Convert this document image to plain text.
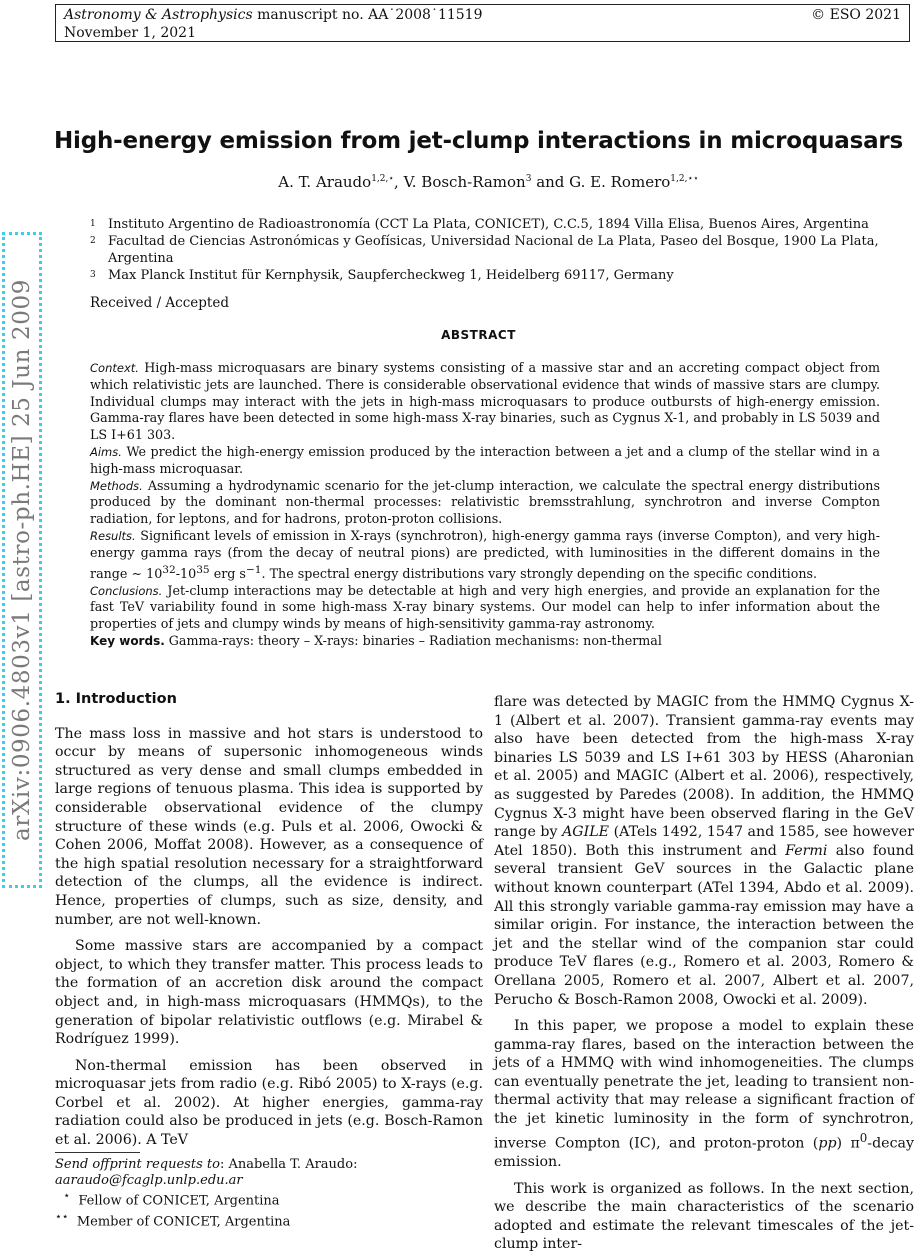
Astronomy & Astrophysics manuscript no. AA˙2008˙11519
November 1, 2021
© ESO 2021
arXiv:0906.4803v1 [astro-ph.HE] 25 Jun 2009
High-energy emission from jet-clump interactions in microquasars
A. T. Araudo$^{1,2,⋆}$, V. Bosch-Ramon$^3$ and G. E. Romero$^{1,2,⋆⋆}$
1 Instituto Argentino de Radioastronomía (CCT La Plata, CONICET), C.C.5, 1894 Villa Elisa, Buenos Aires, Argentina
2 Facultad de Ciencias Astronómicas y Geofísicas, Universidad Nacional de La Plata, Paseo del Bosque, 1900 La Plata, Argentina
3 Max Planck Institut für Kernphysik, Saupfercheckweg 1, Heidelberg 69117, Germany
Received / Accepted
ABSTRACT

Context. High-mass microquasars are binary systems consisting of a massive star and an accreting compact object from which relativistic jets are launched. There is considerable observational evidence that winds of massive stars are clumpy. Individual clumps may interact with the jets in high-mass microquasars to produce outbursts of high-energy emission. Gamma-ray flares have been detected in some high-mass X-ray binaries, such as Cygnus X-1, and probably in LS 5039 and LS I+61 303.

Aims. We predict the high-energy emission produced by the interaction between a jet and a clump of the stellar wind in a high-mass microquasar.

Methods. Assuming a hydrodynamic scenario for the jet-clump interaction, we calculate the spectral energy distributions produced by the dominant non-thermal processes: relativistic bremsstrahlung, synchrotron and inverse Compton radiation, for leptons, and for hadrons, proton-proton collisions.

Results. Significant levels of emission in X-rays (synchrotron), high-energy gamma rays (inverse Compton), and very high-energy gamma rays (from the decay of neutral pions) are predicted, with luminosities in the different domains in the range ∼ $10^{32}-10^{35}$ erg $s^{-1}$. The spectral energy distributions vary strongly depending on the specific conditions.

Conclusions. Jet-clump interactions may be detectable at high and very high energies, and provide an explanation for the fast TeV variability found in some high-mass X-ray binary systems. Our model can help to infer information about the properties of jets and clumpy winds by means of high-sensitivity gamma-ray astronomy.

Key words. Gamma-rays: theory – X-rays: binaries – Radiation mechanisms: non-thermal

1. Introduction

The mass loss in massive and hot stars is understood to occur by means of supersonic inhomogeneous winds structured as very dense and small clumps embedded in large regions of tenuous plasma. This idea is supported by considerable observational evidence of the clumpy structure of these winds (e.g. Puls et al. 2006, Owocki & Cohen 2006, Moffat 2008). However, as a consequence of the high spatial resolution necessary for a straightforward detection of the clumps, all the evidence is indirect. Hence, properties of clumps, such as size, density, and number, are not well-known.

Some massive stars are accompanied by a compact object, to which they transfer matter. This process leads to the formation of an accretion disk around the compact object and, in high-mass microquasars (HMMQs), to the generation of bipolar relativistic outflows (e.g. Mirabel & Rodríguez 1999).

Non-thermal emission has been observed in microquasar jets from radio (e.g. Ribó 2005) to X-rays (e.g. Corbel et al. 2002). At higher energies, gamma-ray radiation could also be produced in jets (e.g. Bosch-Ramon et al. 2006). A TeV

flare was detected by MAGIC from the HMMQ Cygnus X-1 (Albert et al. 2007). Transient gamma-ray events may also have been detected from the high-mass X-ray binaries LS 5039 and LS I+61 303 by HESS (Aharonian et al. 2005) and MAGIC (Albert et al. 2006), respectively, as suggested by Paredes (2008). In addition, the HMMQ Cygnus X-3 might have been observed flaring in the GeV range by AGILE (ATels 1492, 1547 and 1585, see however Atel 1850). Both this instrument and Fermi also found several transient GeV sources in the Galactic plane without known counterpart (ATel 1394, Abdo et al. 2009). All this strongly variable gamma-ray emission may have a similar origin. For instance, the interaction between the jet and the stellar wind of the companion star could produce TeV flares (e.g., Romero et al. 2003, Romero & Orellana 2005, Romero et al. 2007, Albert et al. 2007, Perucho & Bosch-Ramon 2008, Owocki et al. 2009).

In this paper, we propose a model to explain these gamma-ray flares, based on the interaction between the jets of a HMMQ with wind inhomogeneities. The clumps can eventually penetrate the jet, leading to transient non-thermal activity that may release a significant fraction of the jet kinetic luminosity in the form of synchrotron, inverse Compton (IC), and proton-proton (pp) $\pi^0$-decay emission.

This work is organized as follows. In the next section, we describe the main characteristics of the scenario adopted and estimate the relevant timescales of the jet-clump inter-

Send offprint requests to: Anabella T. Araudo:
aaraudo@fcaglp.unlp.edu.ar
⋆ Fellow of CONICET, Argentina
⋆⋆ Member of CONICET, Argentina
